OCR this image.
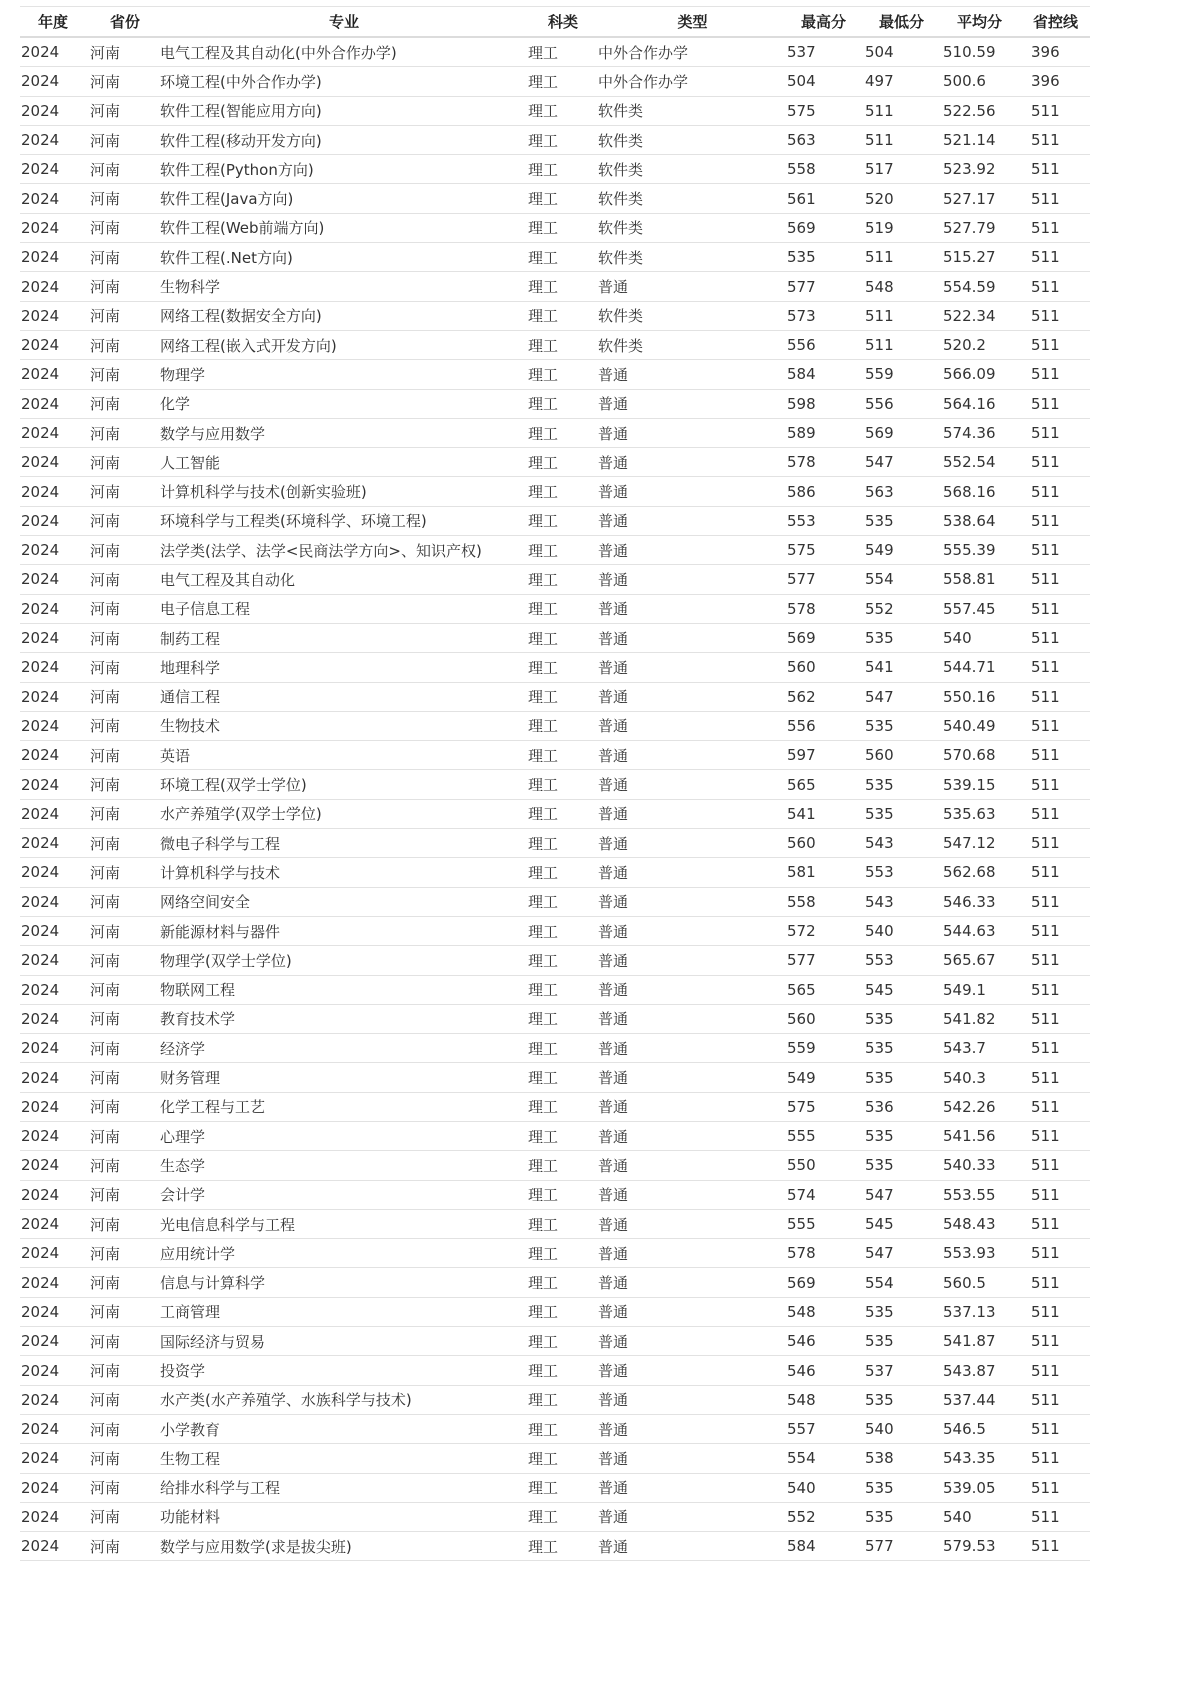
年度	省份	专业	科类	类型	最高分	最低分	平均分	省控线
2024	河南	电气工程及其自动化(中外合作办学)	理工	中外合作办学	537	504	510.59	396
2024	河南	环境工程(中外合作办学)	理工	中外合作办学	504	497	500.6	396
2024	河南	软件工程(智能应用方向)	理工	软件类	575	511	522.56	511
2024	河南	软件工程(移动开发方向)	理工	软件类	563	511	521.14	511
2024	河南	软件工程(Python方向)	理工	软件类	558	517	523.92	511
2024	河南	软件工程(Java方向)	理工	软件类	561	520	527.17	511
2024	河南	软件工程(Web前端方向)	理工	软件类	569	519	527.79	511
2024	河南	软件工程(.Net方向)	理工	软件类	535	511	515.27	511
2024	河南	生物科学	理工	普通	577	548	554.59	511
2024	河南	网络工程(数据安全方向)	理工	软件类	573	511	522.34	511
2024	河南	网络工程(嵌入式开发方向)	理工	软件类	556	511	520.2	511
2024	河南	物理学	理工	普通	584	559	566.09	511
2024	河南	化学	理工	普通	598	556	564.16	511
2024	河南	数学与应用数学	理工	普通	589	569	574.36	511
2024	河南	人工智能	理工	普通	578	547	552.54	511
2024	河南	计算机科学与技术(创新实验班)	理工	普通	586	563	568.16	511
2024	河南	环境科学与工程类(环境科学、环境工程)	理工	普通	553	535	538.64	511
2024	河南	法学类(法学、法学<民商法学方向>、知识产权)	理工	普通	575	549	555.39	511
2024	河南	电气工程及其自动化	理工	普通	577	554	558.81	511
2024	河南	电子信息工程	理工	普通	578	552	557.45	511
2024	河南	制药工程	理工	普通	569	535	540	511
2024	河南	地理科学	理工	普通	560	541	544.71	511
2024	河南	通信工程	理工	普通	562	547	550.16	511
2024	河南	生物技术	理工	普通	556	535	540.49	511
2024	河南	英语	理工	普通	597	560	570.68	511
2024	河南	环境工程(双学士学位)	理工	普通	565	535	539.15	511
2024	河南	水产养殖学(双学士学位)	理工	普通	541	535	535.63	511
2024	河南	微电子科学与工程	理工	普通	560	543	547.12	511
2024	河南	计算机科学与技术	理工	普通	581	553	562.68	511
2024	河南	网络空间安全	理工	普通	558	543	546.33	511
2024	河南	新能源材料与器件	理工	普通	572	540	544.63	511
2024	河南	物理学(双学士学位)	理工	普通	577	553	565.67	511
2024	河南	物联网工程	理工	普通	565	545	549.1	511
2024	河南	教育技术学	理工	普通	560	535	541.82	511
2024	河南	经济学	理工	普通	559	535	543.7	511
2024	河南	财务管理	理工	普通	549	535	540.3	511
2024	河南	化学工程与工艺	理工	普通	575	536	542.26	511
2024	河南	心理学	理工	普通	555	535	541.56	511
2024	河南	生态学	理工	普通	550	535	540.33	511
2024	河南	会计学	理工	普通	574	547	553.55	511
2024	河南	光电信息科学与工程	理工	普通	555	545	548.43	511
2024	河南	应用统计学	理工	普通	578	547	553.93	511
2024	河南	信息与计算科学	理工	普通	569	554	560.5	511
2024	河南	工商管理	理工	普通	548	535	537.13	511
2024	河南	国际经济与贸易	理工	普通	546	535	541.87	511
2024	河南	投资学	理工	普通	546	537	543.87	511
2024	河南	水产类(水产养殖学、水族科学与技术)	理工	普通	548	535	537.44	511
2024	河南	小学教育	理工	普通	557	540	546.5	511
2024	河南	生物工程	理工	普通	554	538	543.35	511
2024	河南	给排水科学与工程	理工	普通	540	535	539.05	511
2024	河南	功能材料	理工	普通	552	535	540	511
2024	河南	数学与应用数学(求是拔尖班)	理工	普通	584	577	579.53	511
